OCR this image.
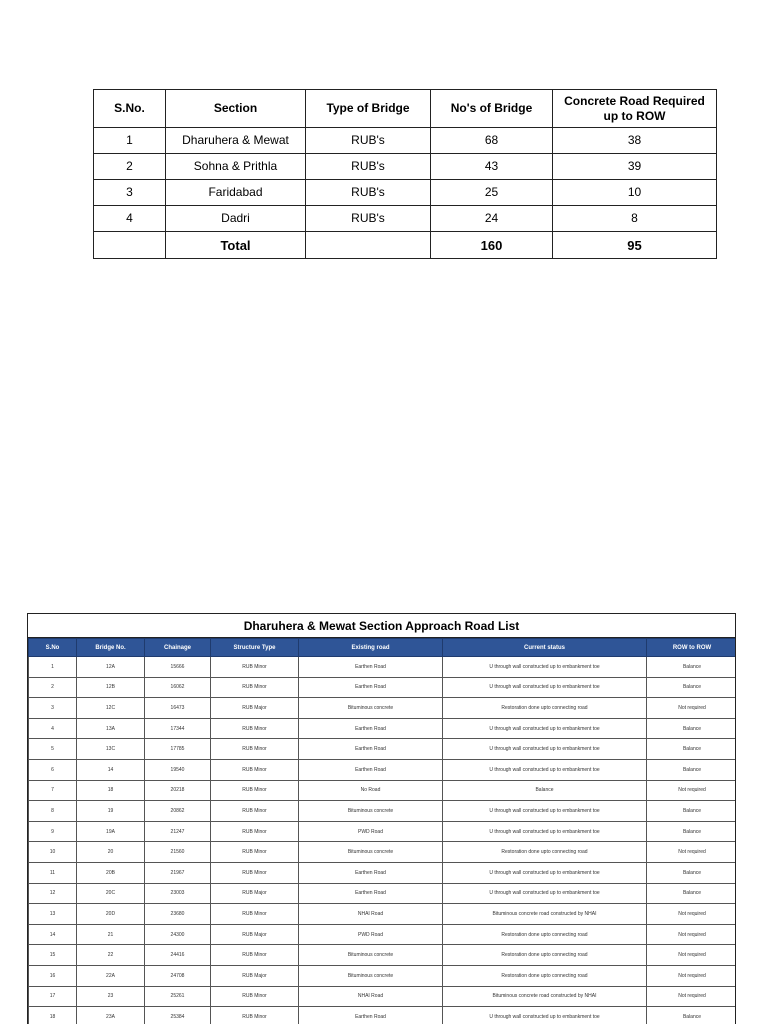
S.No.	Section	Type of Bridge	No's of Bridge	Concrete Road Required up to ROW
1	Dharuhera & Mewat	RUB's	68	38
2	Sohna & Prithla	RUB's	43	39
3	Faridabad	RUB's	25	10
4	Dadri	RUB's	24	8
	Total		160	95
Dharuhera & Mewat Section Approach Road List
S.No	Bridge No.	Chainage	Structure Type	Existing road	Current status	ROW to ROW
1	12A	15666	RUB Minor	Earthen Road	U through wall constructed up to embankment toe	Balance
2	12B	16062	RUB Minor	Earthen Road	U through wall constructed up to embankment toe	Balance
3	12C	16473	RUB Major	Bituminous concrete	Restoration done upto connecting road	Not required
4	13A	17344	RUB Minor	Earthen Road	U through wall constructed up to embankment toe	Balance
5	13C	17785	RUB Minor	Earthen Road	U through wall constructed up to embankment toe	Balance
6	14	19540	RUB Minor	Earthen Road	U through wall constructed up to embankment toe	Balance
7	18	20218	RUB Minor	No Road	Balance	Not required
8	19	20862	RUB Minor	Bituminous concrete	U through wall constructed up to embankment toe	Balance
9	19A	21247	RUB Minor	PWD Road	U through wall constructed up to embankment toe	Balance
10	20	21560	RUB Minor	Bituminous concrete	Restoration done upto connecting road	Not required
11	20B	21967	RUB Minor	Earthen Road	U through wall constructed up to embankment toe	Balance
12	20C	23003	RUB Major	Earthen Road	U through wall constructed up to embankment toe	Balance
13	20D	23680	RUB Minor	NHAI Road	Bituminous concrete road constructed by NHAI	Not required
14	21	24300	RUB Major	PWD Road	Restoration done upto connecting road	Not required
15	22	24416	RUB Minor	Bituminous concrete	Restoration done upto connecting road	Not required
16	22A	24708	RUB Major	Bituminous concrete	Restoration done upto connecting road	Not required
17	23	25261	RUB Minor	NHAI Road	Bituminous concrete road constructed by NHAI	Not required
18	23A	25384	RUB Minor	Earthen Road	U through wall constructed up to embankment toe	Balance
